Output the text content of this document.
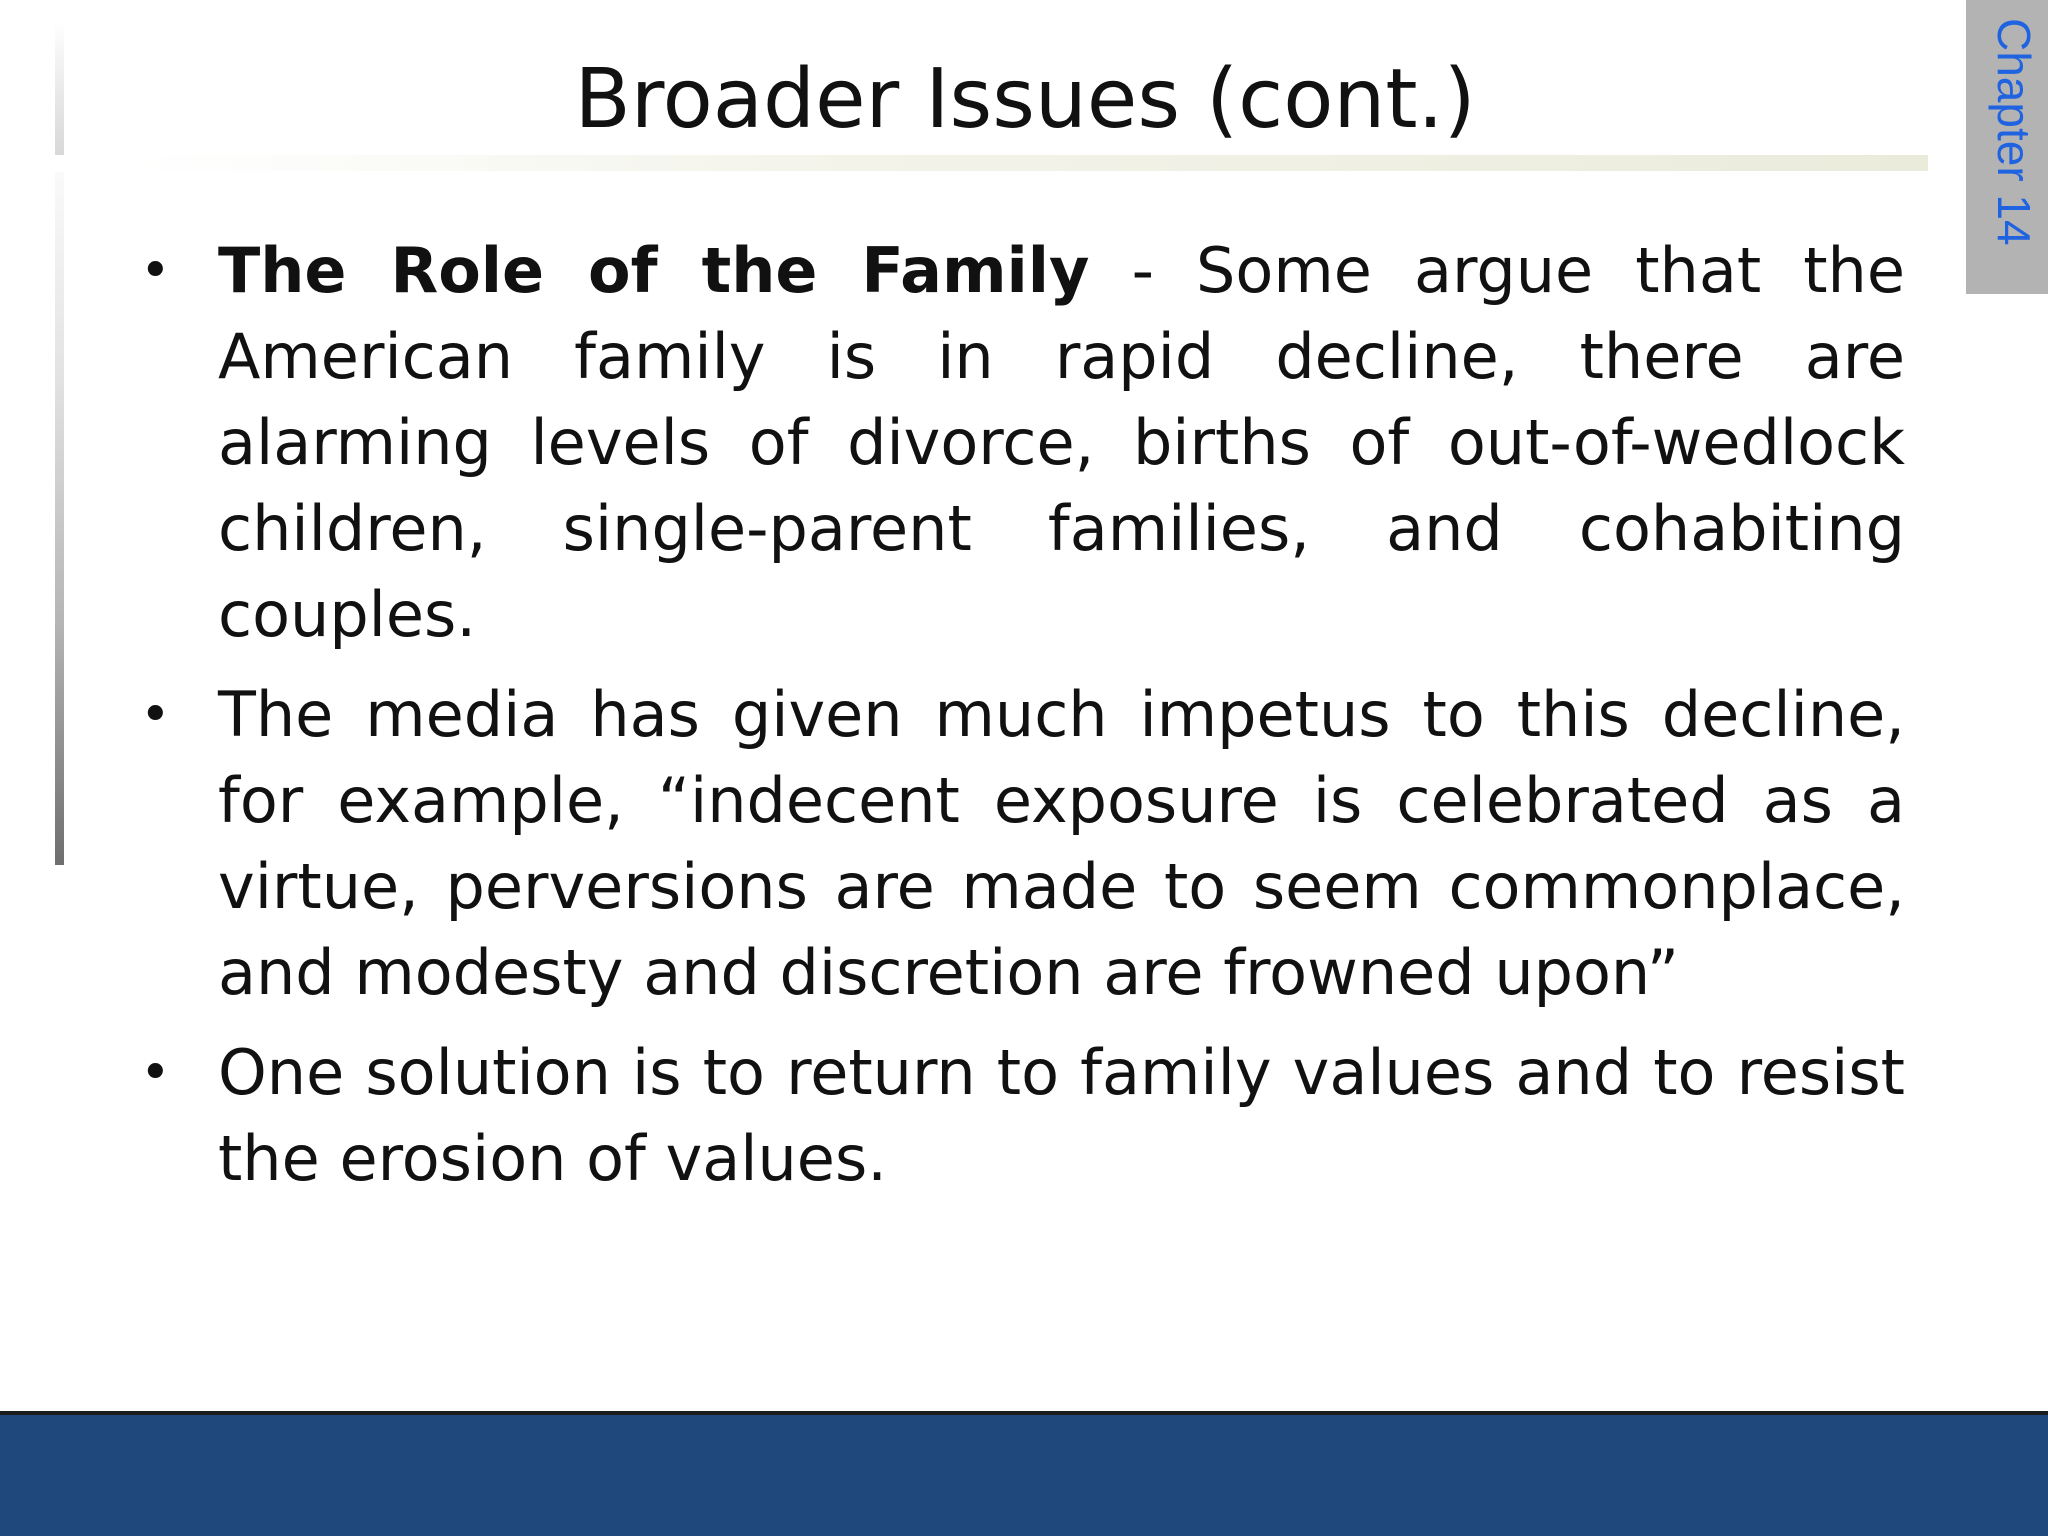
Broader Issues (cont.)	Chapter 14
• The Role of the Family - Some argue that the American family is in rapid decline, there are alarming levels of divorce, births of out-of-wedlock children, single-parent families, and cohabiting couples.
• The media has given much impetus to this decline, for example, “indecent exposure is celebrated as a virtue, perversions are made to seem commonplace, and modesty and discretion are frowned upon”
• One solution is to return to family values and to resist the erosion of values.
